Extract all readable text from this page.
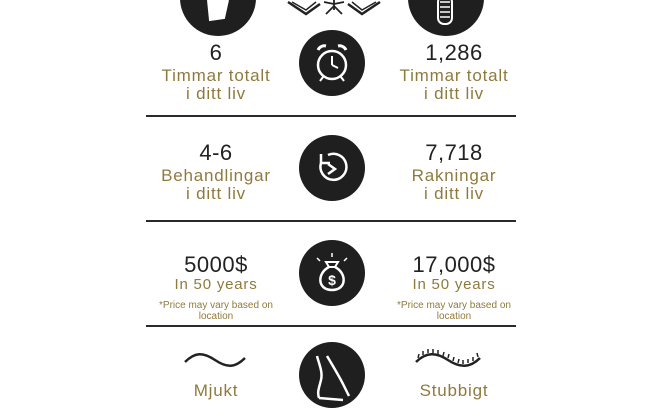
6
Timmar totalt
i ditt liv
1,286
Timmar totalt
i ditt liv
4-6
Behandlingar
i ditt liv
7,718
Rakningar
i ditt liv
5000$
In 50 years
*Price may vary based on
location
$
17,000$
In 50 years
*Price may vary based on
location
Mjukt	Stubbigt
